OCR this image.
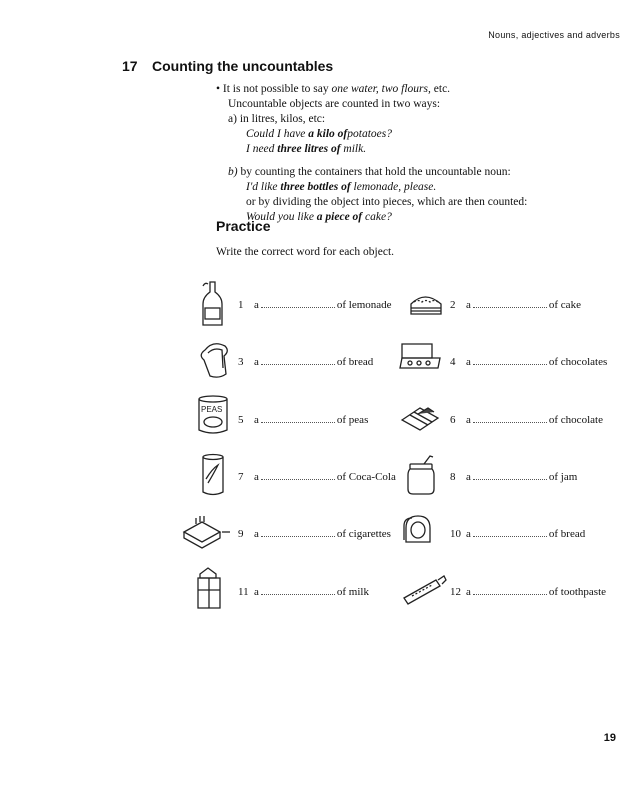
Nouns, adjectives and adverbs
17 Counting the uncountables
• It is not possible to say one water, two flours, etc.
Uncountable objects are counted in two ways:
a) in litres, kilos, etc:
Could I have a kilo ofpotatoes?
I need three litres of milk.
b) by counting the containers that hold the uncountable noun:
I'd like three bottles of lemonade, please.
or by dividing the object into pieces, which are then counted:
Would you like a piece of cake?
Practice
Write the correct word for each object.
PEAS
1 a	of lemonade	2 a	of cake
3 a	of bread	4 a	of chocolates
5 a	of peas	6 a	of chocolate
7 a	of Coca-Cola	8 a	of jam
9 a	of cigarettes	10 a	of bread
11 a	of milk	12 a	of toothpaste
19
